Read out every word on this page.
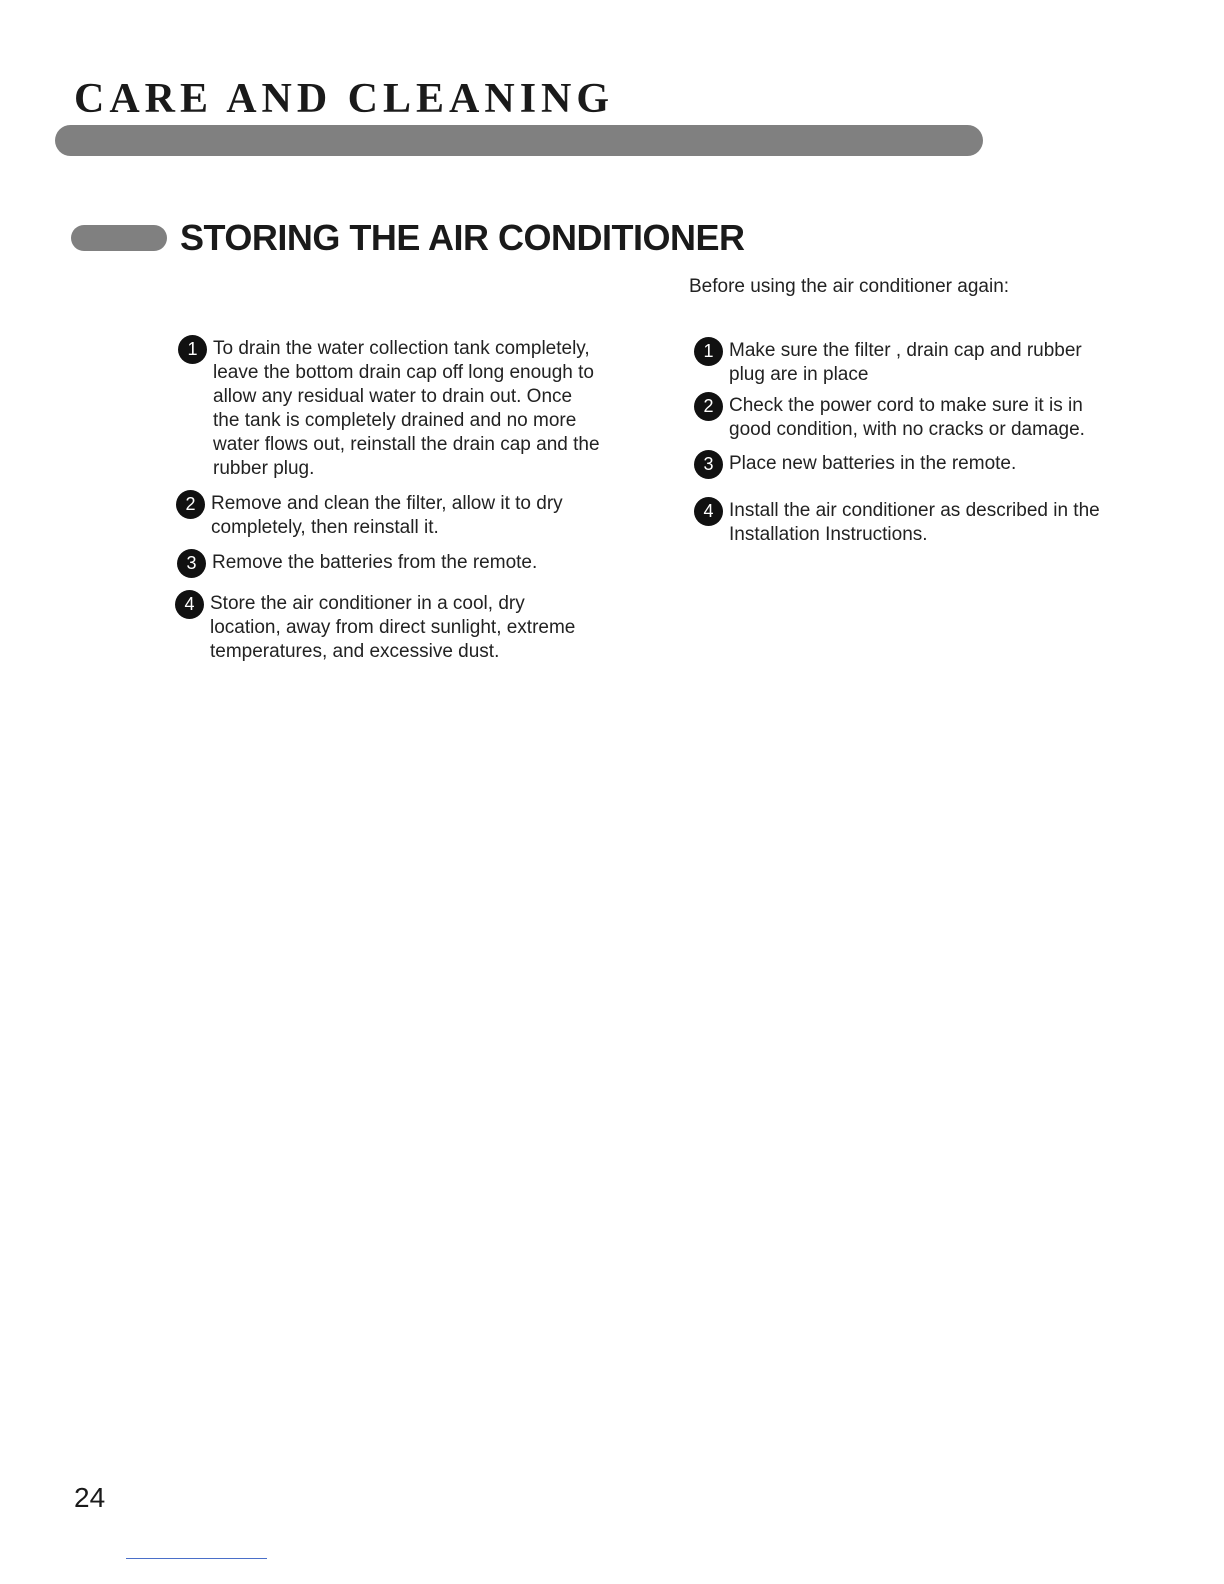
CARE AND CLEANING
STORING THE AIR CONDITIONER

Before using the air conditioner again:

1 To drain the water collection tank completely,
leave the bottom drain cap off long enough to
allow any residual water to drain out. Once
the tank is completely drained and no more
water flows out, reinstall the drain cap and the
rubber plug.
2 Remove and clean the filter, allow it to dry
completely, then reinstall it.
3 Remove the batteries from the remote.
4 Store the air conditioner in a cool, dry
location, away from direct sunlight, extreme
temperatures, and excessive dust.
1 Make sure the filter , drain cap and rubber
plug are in place
2 Check the power cord to make sure it is in
good condition, with no cracks or damage.
3 Place new batteries in the remote.
4 Install the air conditioner as described in the
Installation Instructions.
24
